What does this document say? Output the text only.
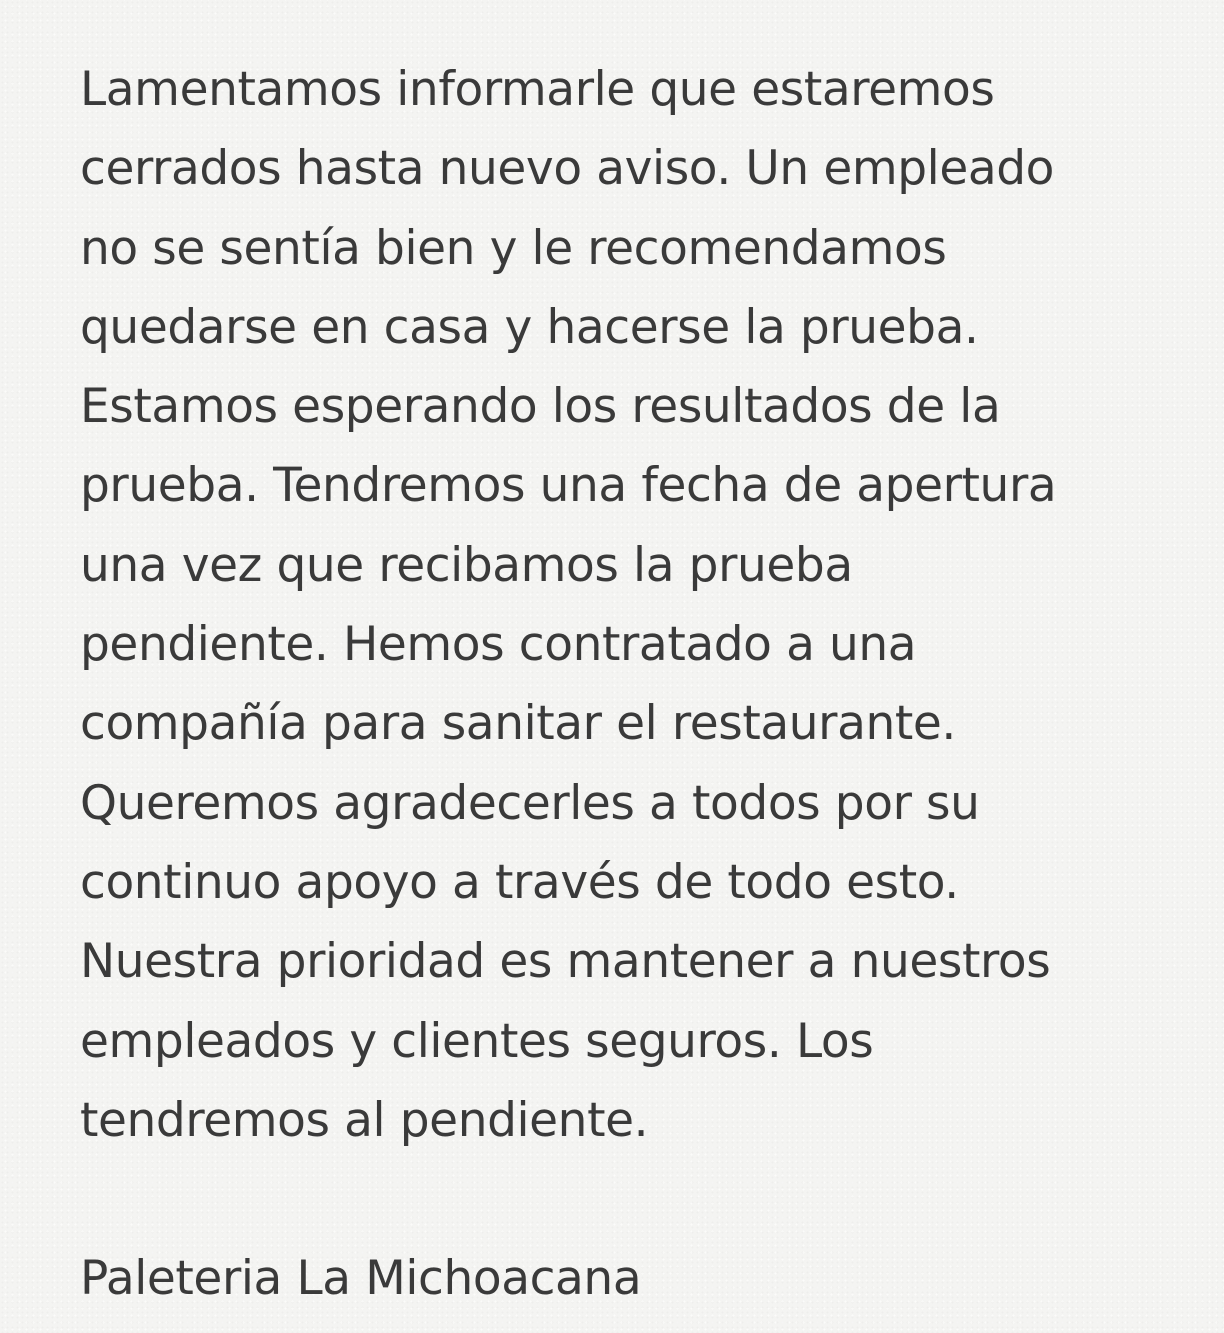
Lamentamos informarle que estaremos
cerrados hasta nuevo aviso. Un empleado
no se sentía bien y le recomendamos
quedarse en casa y hacerse la prueba.
Estamos esperando los resultados de la
prueba. Tendremos una fecha de apertura
una vez que recibamos la prueba
pendiente. Hemos contratado a una
compañía para sanitar el restaurante.
Queremos agradecerles a todos por su
continuo apoyo a través de todo esto.
Nuestra prioridad es mantener a nuestros
empleados y clientes seguros. Los
tendremos al pendiente.
Paleteria La Michoacana
